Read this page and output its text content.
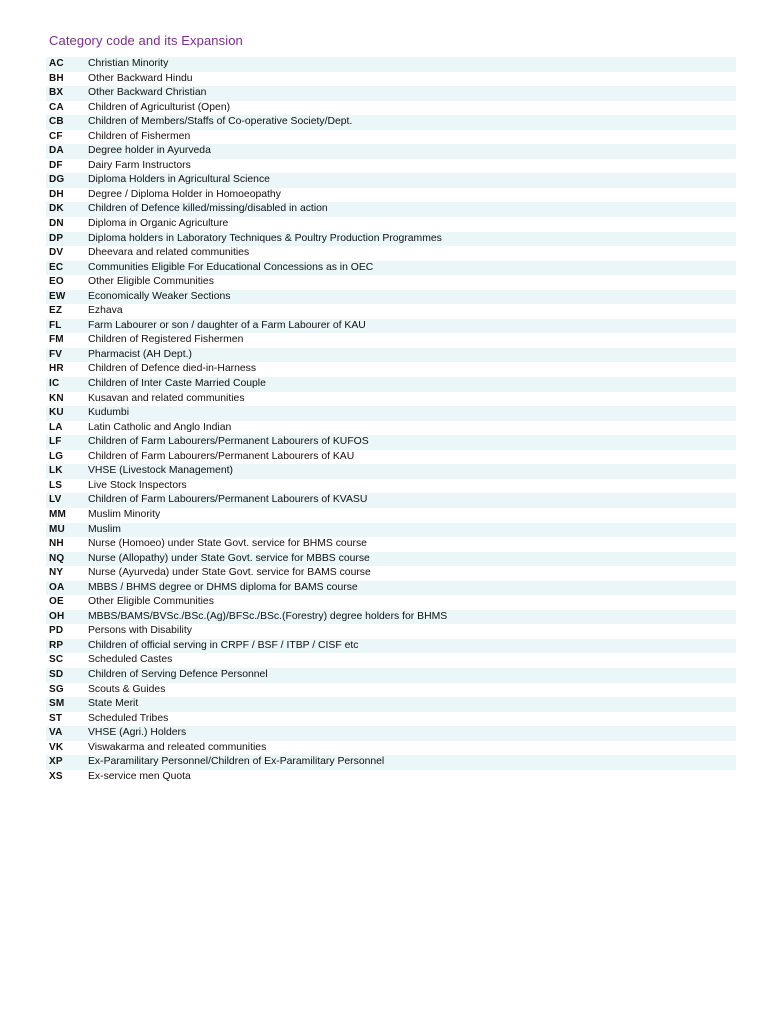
Category code and its Expansion
AC	Christian Minority
BH	Other Backward Hindu
BX	Other Backward Christian
CA	Children of Agriculturist (Open)
CB	Children of Members/Staffs of Co-operative Society/Dept.
CF	Children of Fishermen
DA	Degree holder in Ayurveda
DF	Dairy Farm Instructors
DG	Diploma Holders in Agricultural Science
DH	Degree / Diploma Holder in Homoeopathy
DK	Children of Defence killed/missing/disabled in action
DN	Diploma in Organic Agriculture
DP	Diploma holders in Laboratory Techniques & Poultry Production Programmes
DV	Dheevara and related communities
EC	Communities Eligible For Educational Concessions as in OEC
EO	Other Eligible Communities
EW	Economically Weaker Sections
EZ	Ezhava
FL	Farm Labourer or son / daughter of a Farm Labourer of KAU
FM	Children of Registered Fishermen
FV	Pharmacist (AH Dept.)
HR	Children of Defence died-in-Harness
IC	Children of Inter Caste Married Couple
KN	Kusavan and related communities
KU	Kudumbi
LA	Latin Catholic and Anglo Indian
LF	Children of Farm Labourers/Permanent Labourers of KUFOS
LG	Children of Farm Labourers/Permanent Labourers of KAU
LK	VHSE (Livestock Management)
LS	Live Stock Inspectors
LV	Children of Farm Labourers/Permanent Labourers of KVASU
MM	Muslim Minority
MU	Muslim
NH	Nurse (Homoeo) under State Govt. service for BHMS course
NQ	Nurse (Allopathy) under State Govt. service for MBBS course
NY	Nurse (Ayurveda) under State Govt. service for BAMS course
OA	MBBS / BHMS degree or DHMS diploma for BAMS course
OE	Other Eligible Communities
OH	MBBS/BAMS/BVSc./BSc.(Ag)/BFSc./BSc.(Forestry) degree holders for BHMS
PD	Persons with Disability
RP	Children of official serving in CRPF / BSF / ITBP / CISF etc
SC	Scheduled Castes
SD	Children of Serving Defence Personnel
SG	Scouts & Guides
SM	State Merit
ST	Scheduled Tribes
VA	VHSE (Agri.) Holders
VK	Viswakarma and releated communities
XP	Ex-Paramilitary Personnel/Children of Ex-Paramilitary Personnel
XS	Ex-service men Quota
